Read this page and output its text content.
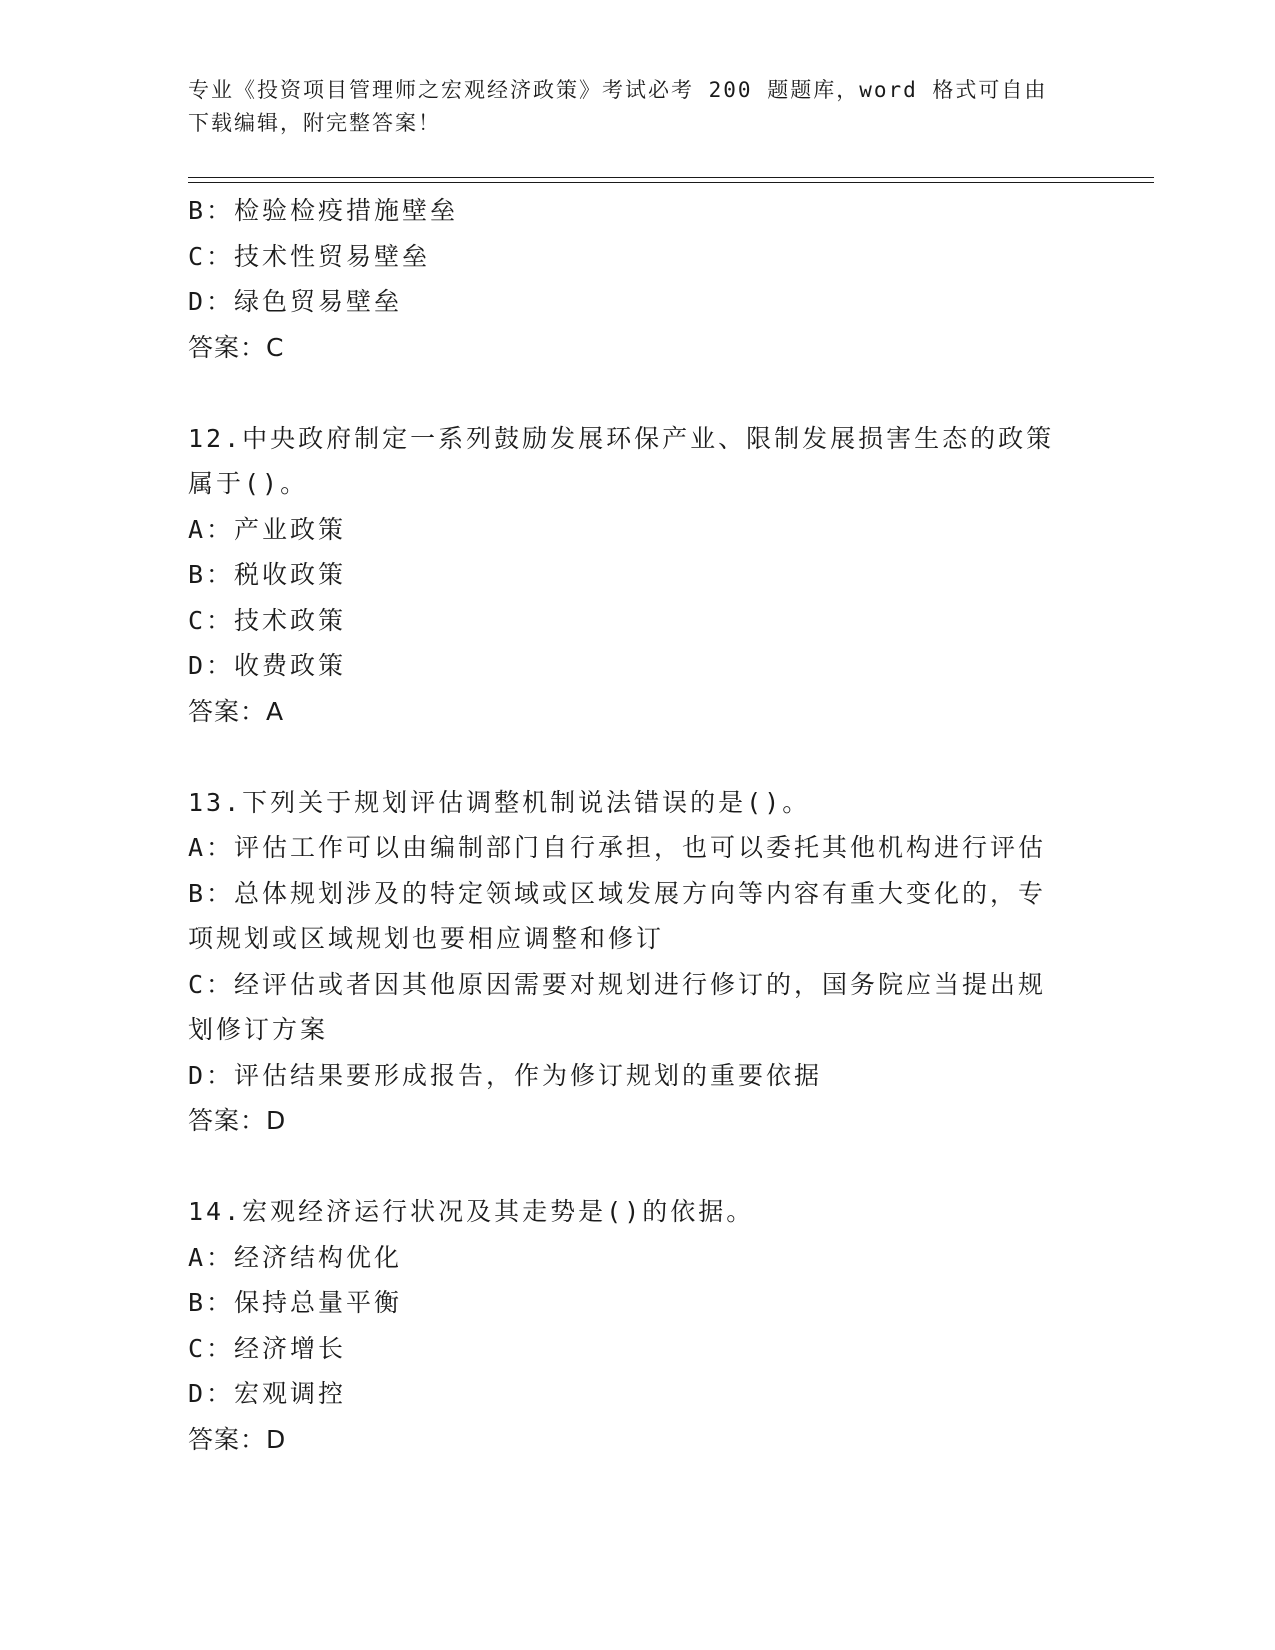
专业《投资项目管理师之宏观经济政策》考试必考 200 题题库，word 格式可自由
下载编辑，附完整答案！
B：检验检疫措施壁垒
C：技术性贸易壁垒
D：绿色贸易壁垒
答案：C
12.中央政府制定一系列鼓励发展环保产业、限制发展损害生态的政策
属于()。
A：产业政策
B：税收政策
C：技术政策
D：收费政策
答案：A
13.下列关于规划评估调整机制说法错误的是()。
A：评估工作可以由编制部门自行承担，也可以委托其他机构进行评估
B：总体规划涉及的特定领域或区域发展方向等内容有重大变化的，专
项规划或区域规划也要相应调整和修订
C：经评估或者因其他原因需要对规划进行修订的，国务院应当提出规
划修订方案
D：评估结果要形成报告，作为修订规划的重要依据
答案：D
14.宏观经济运行状况及其走势是()的依据。
A：经济结构优化
B：保持总量平衡
C：经济增长
D：宏观调控
答案：D
